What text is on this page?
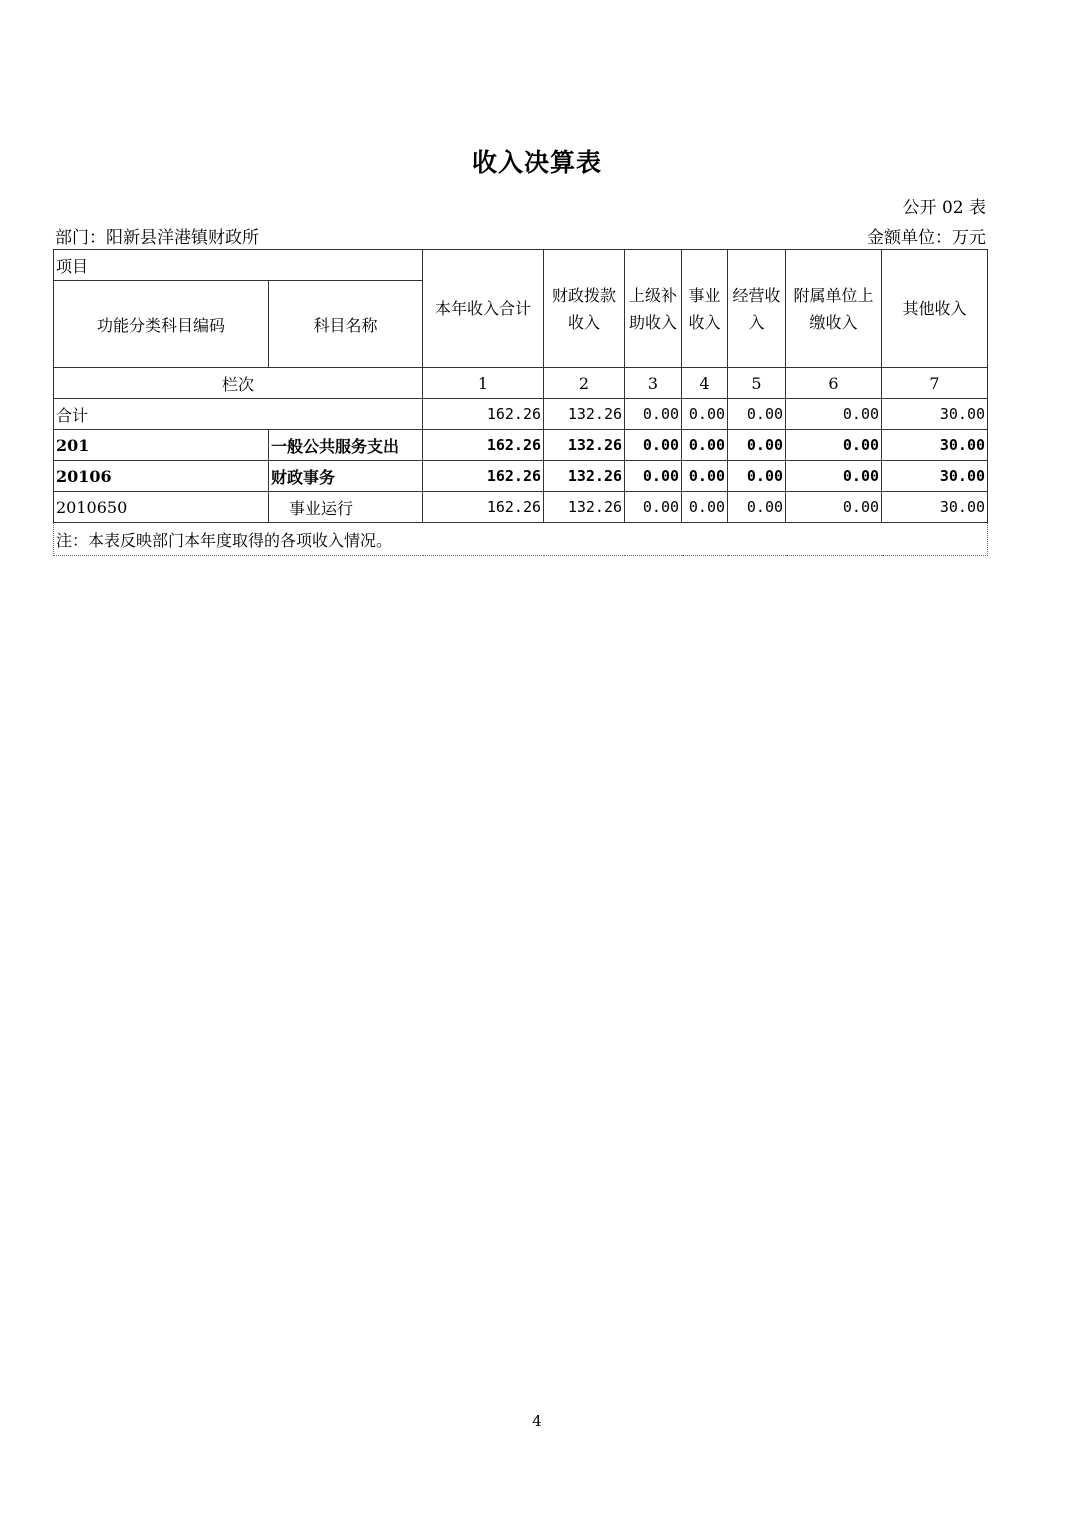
收入决算表
公开 02 表
部门：阳新县洋港镇财政所	金额单位：万元
项目		本年收入合计	财政拨款收入	上级补助收入	事业收入	经营收入	附属单位上缴收入	其他收入
功能分类科目编码	科目名称							
栏次		1	2	3	4	5	6	7
合计		162.26	132.26	0.00	0.00	0.00	0.00	30.00
201	一般公共服务支出	162.26	132.26	0.00	0.00	0.00	0.00	30.00
20106	财政事务	162.26	132.26	0.00	0.00	0.00	0.00	30.00
2010650	事业运行	162.26	132.26	0.00	0.00	0.00	0.00	30.00
注：本表反映部门本年度取得的各项收入情况。								
4
